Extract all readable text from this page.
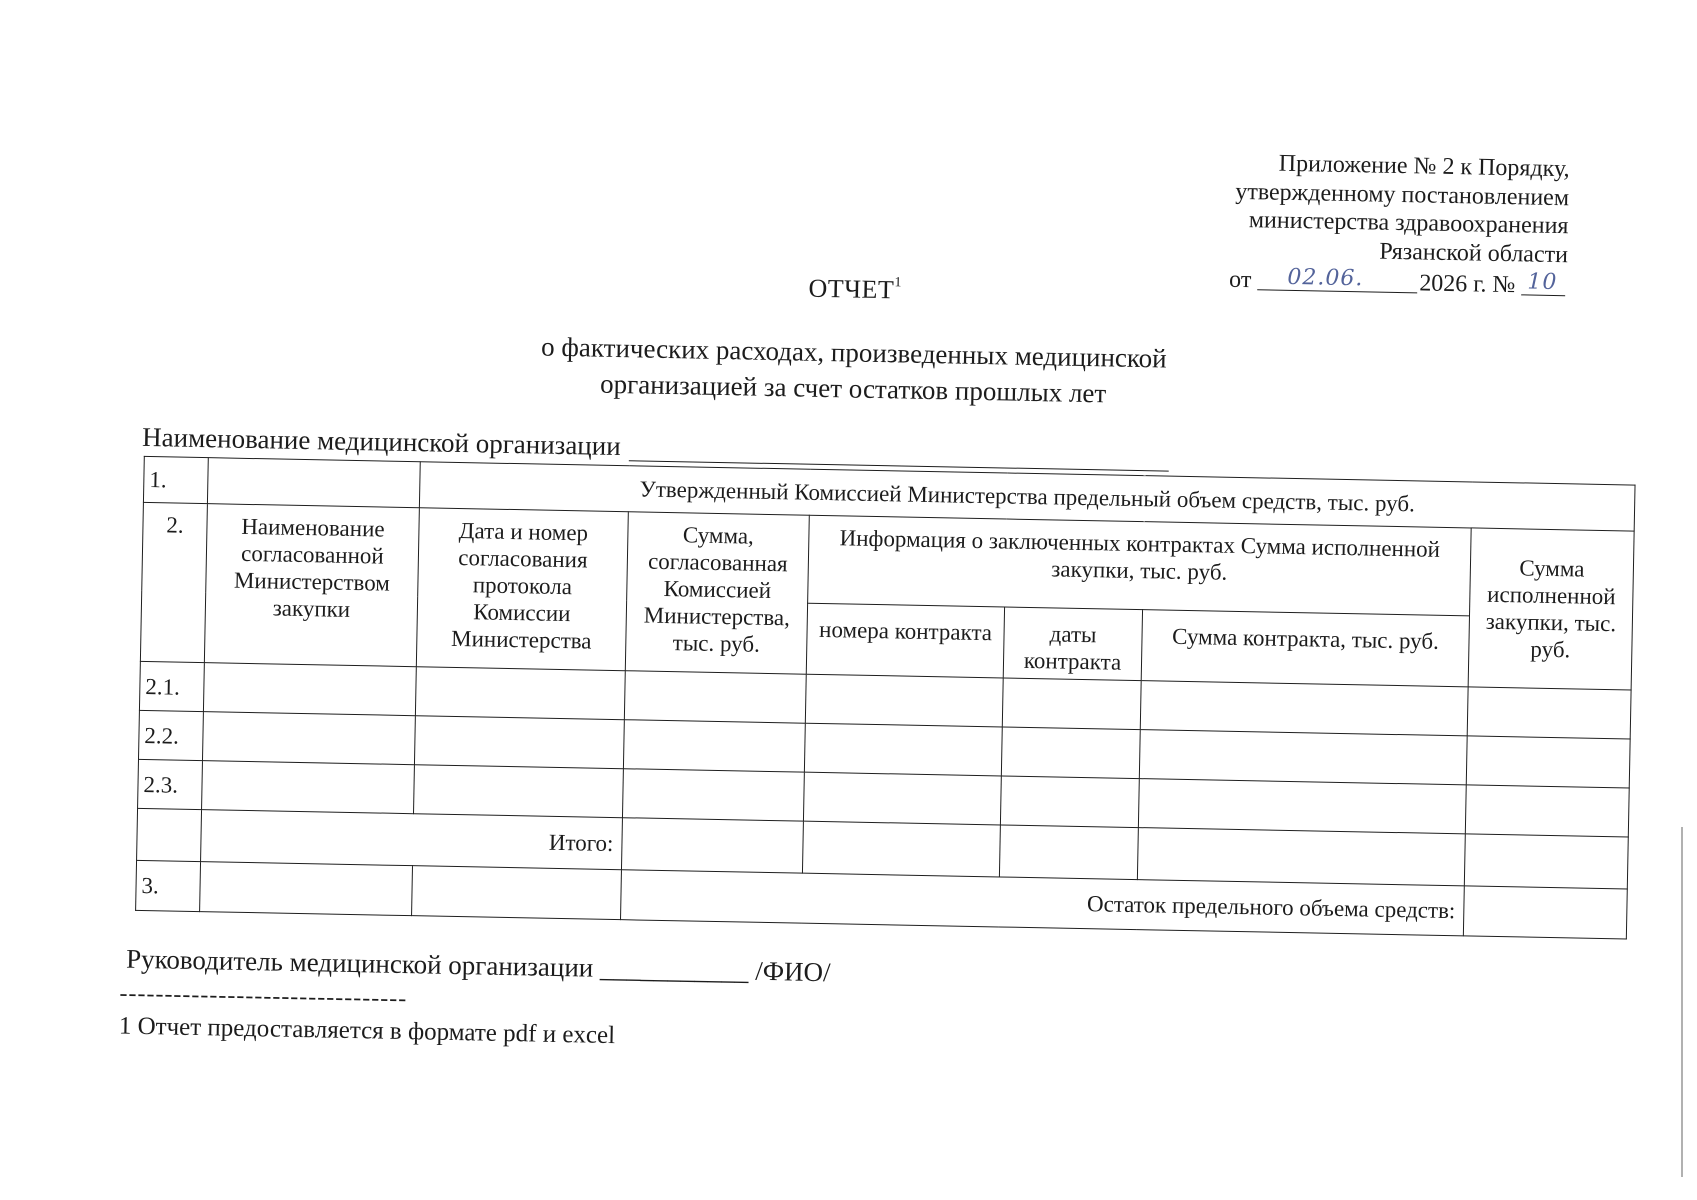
Приложение № 2 к Порядку,
утвержденному постановлением
министерства здравоохранения
Рязанской области
от 02.06. 2026 г. № 10
ОТЧЕТ$^1$
о фактических расходах, произведенных медицинской
организацией за счет остатков прошлых лет
Наименование медицинской организации
1.		Утвержденный Комиссией Министерства предельный объем средств, тыс. руб.					
2.	Наименование согласованной Министерством закупки	Дата и номер согласования протокола Комиссии Министерства	Сумма, согласованная Комиссией Министерства, тыс. руб.	Информация о заключенных контрактах Сумма исполненной закупки, тыс. руб.			Сумма исполненной закупки, тыс. руб.
				номера контракта	даты контракта	Сумма контракта, тыс. руб.	
2.1.							
2.2.							
2.3.							
	Итого:						
3.			Остаток предельного объема средств:				
Руководитель медицинской организации ___________ /ФИО/
--------------------------------
1 Отчет предоставляется в формате pdf и excel
